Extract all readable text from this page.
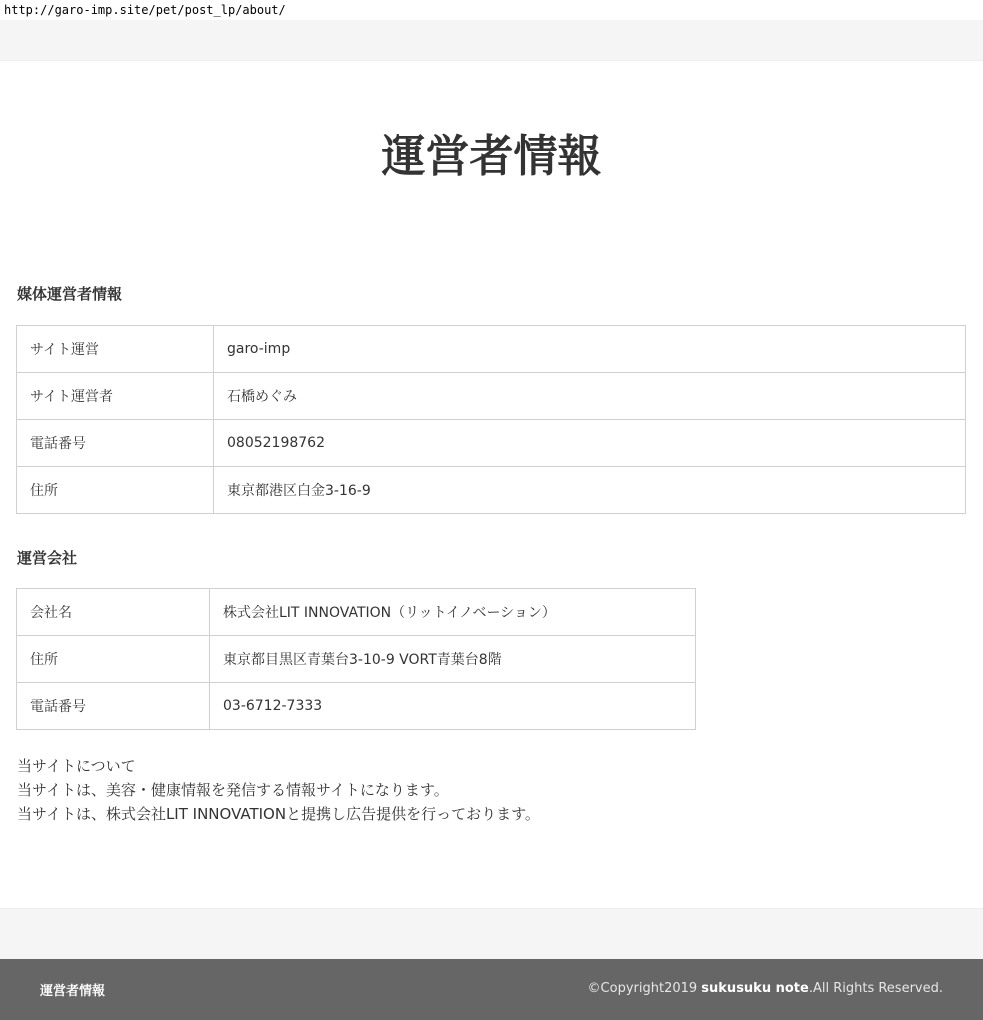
http://garo-imp.site/pet/post_lp/about/
運営者情報
媒体運営者情報
サイト運営	garo-imp
サイト運営者	石橋めぐみ
電話番号	08052198762
住所	東京都港区白金3-16-9
運営会社
会社名	株式会社LIT INNOVATION（リットイノベーション）
住所	東京都目黒区青葉台3-10-9 VORT青葉台8階
電話番号	03-6712-7333
当サイトについて
当サイトは、美容・健康情報を発信する情報サイトになります。
当サイトは、株式会社LIT INNOVATIONと提携し広告提供を行っております。
運営者情報	©Copyright2019 sukusuku note.All Rights Reserved.
